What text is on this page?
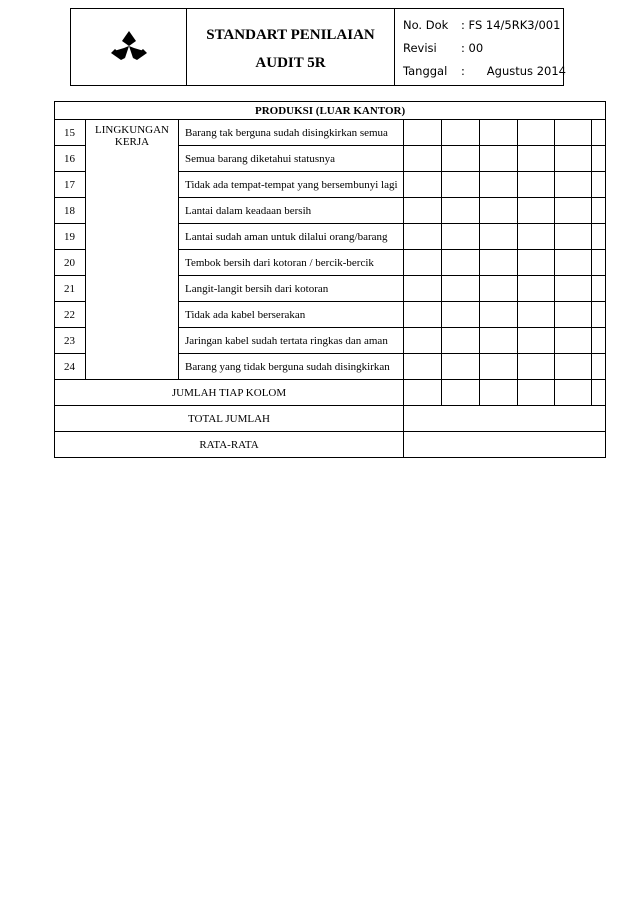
STANDART PENILAIAN
AUDIT 5R
No. Dok : FS 14/5RK3/001
Revisi : 00
Tanggal :      Agustus 2014
PRODUKSI (LUAR KANTOR)								
15	LINGKUNGAN KERJA	Barang tak berguna sudah disingkirkan semua						
16		Semua barang diketahui statusnya						
17		Tidak ada tempat-tempat yang bersembunyi lagi						
18		Lantai dalam keadaan bersih						
19		Lantai sudah aman untuk dilalui orang/barang						
20		Tembok bersih dari kotoran / bercik-bercik						
21		Langit-langit bersih dari kotoran						
22		Tidak ada kabel berserakan						
23		Jaringan kabel sudah tertata ringkas dan aman						
24		Barang yang tidak berguna sudah disingkirkan						
JUMLAH TIAP KOLOM								
TOTAL JUMLAH								
RATA-RATA								
